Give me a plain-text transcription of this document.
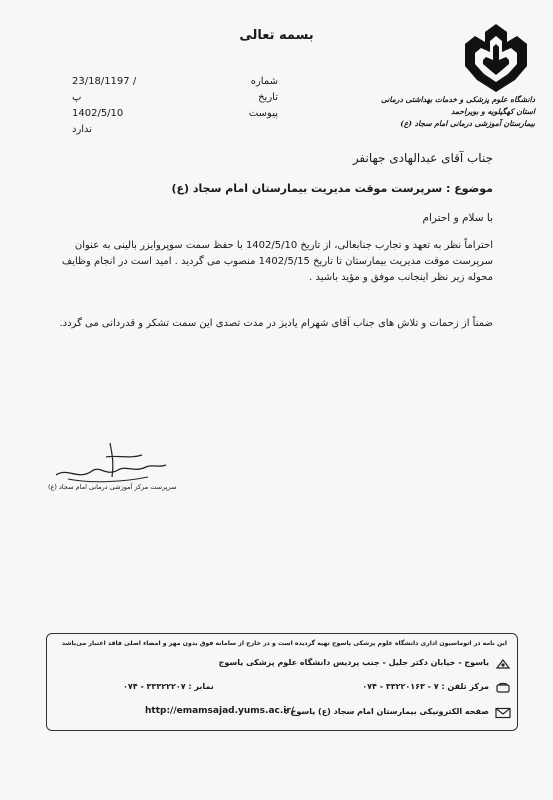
بسمه تعالی
دانشگاه علوم پزشکی و خدمات بهداشتی درمانی
استان کهگیلویه و بویراحمد
بیمارستان آموزشی درمانی امام سجاد (ع)
شماره
تاریخ
پیوست
23/18/1197 /پ
1402/5/10
ندارد
جناب آقای عبدالهادی جهانفر
موضوع : سرپرست موقت مدیریت بیمارستان امام سجاد (ع)
با سلام و احترام
احتراماً نظر به تعهد و تجارب جنابعالی، از تاریخ 1402/5/10 با حفظ سمت سوپروایزر بالینی به عنوان سرپرست موقت مدیریت بیمارستان تا تاریخ 1402/5/15 منصوب می گردید . امید است در انجام وظایف محوله زیر نظر اینجانب موفق و مؤید باشید .
ضمناً از زحمات و تلاش های جناب آقای شهرام یادیز در مدت تصدی این سمت تشکر و قدردانی می گردد.
سرپرست مرکز آموزشی درمانی امام سجاد (ع)
این نامه در اتوماسیون اداری دانشگاه علوم پزشکی یاسوج تهیه گردیده است و در خارج از سامانه فوق بدون مهر و امضاء اصلی فاقد اعتبار می‌باشد
یاسوج - خیابان دکتر جلیل - جنب پردیس دانشگاه علوم پزشکی یاسوج
مرکز تلفن : ۷ - ۳۳۲۲۰۱۶۳ - ۰۷۴
نمابر : ۳۳۳۲۲۲۰۷ - ۰۷۴
صفحه الکترونیکی بیمارستان امام سجاد (ع) یاسوج :
http://emamsajad.yums.ac.ir/
